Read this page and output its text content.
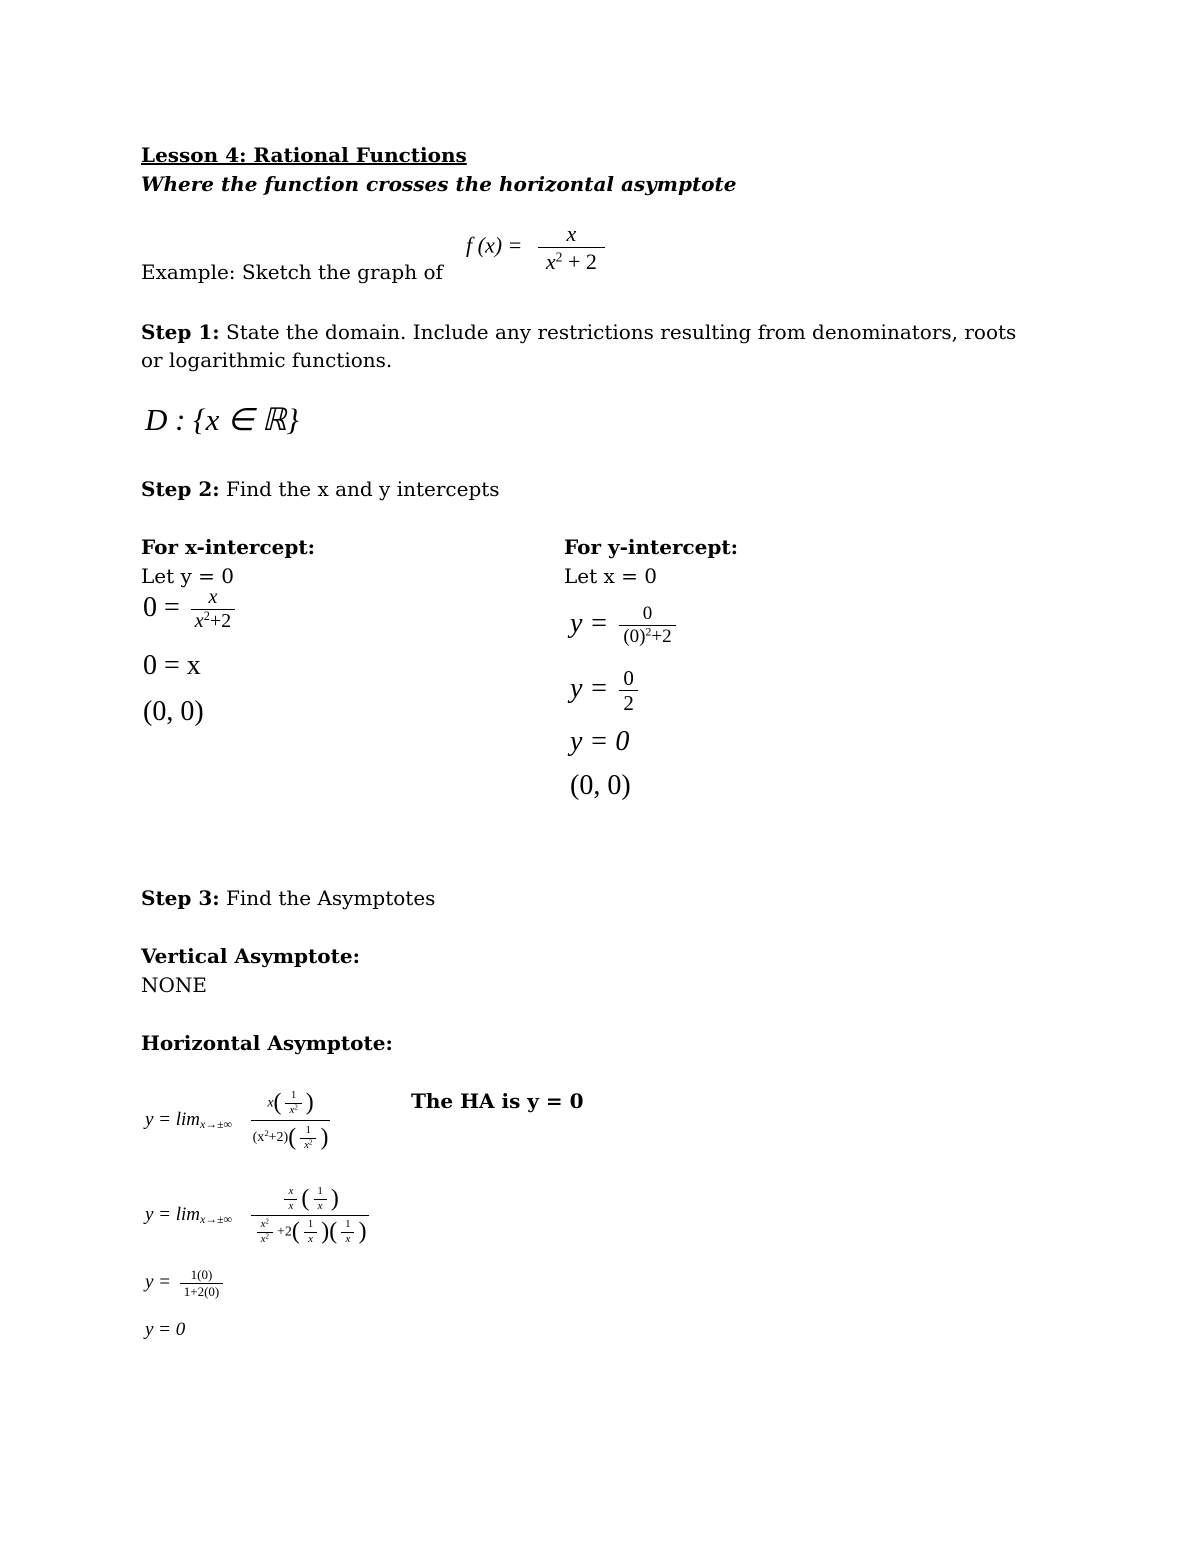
Lesson 4: Rational Functions
Where the function crosses the horizontal asymptote
Example: Sketch the graph of
f $(x) = \frac{x}{x^2 + 2}$
Step 1: State the domain. Include any restrictions resulting from denominators, roots
or logarithmic functions.
D : {x ∈ ℝ}
Step 2: Find the x and y intercepts
For x-intercept:
Let y = 0
$0 = \frac{x}{x^2+2}$
0 = x
(0, 0)
For y-intercept:
Let x = 0
$y = \frac{0}{(0)^2+2}$
$y = \frac{0}{2}$
y = 0
(0, 0)
Step 3: Find the Asymptotes
Vertical Asymptote:
NONE
Horizontal Asymptote:
The HA is y = 0
$y = \lim_{x\to\pm\infty} \frac{x( \frac{1}{x^2} )}{(x^2+2)( \frac{1}{x^2} )}$
$y = \lim_{x\to\pm\infty} \frac{\frac{x}{x} ( \frac{1}{x} )}{\frac{x^2}{x^2} +2( \frac{1}{x} )( \frac{1}{x} )}$
$y = \frac{1(0)}{1+2(0)}$
y = 0
